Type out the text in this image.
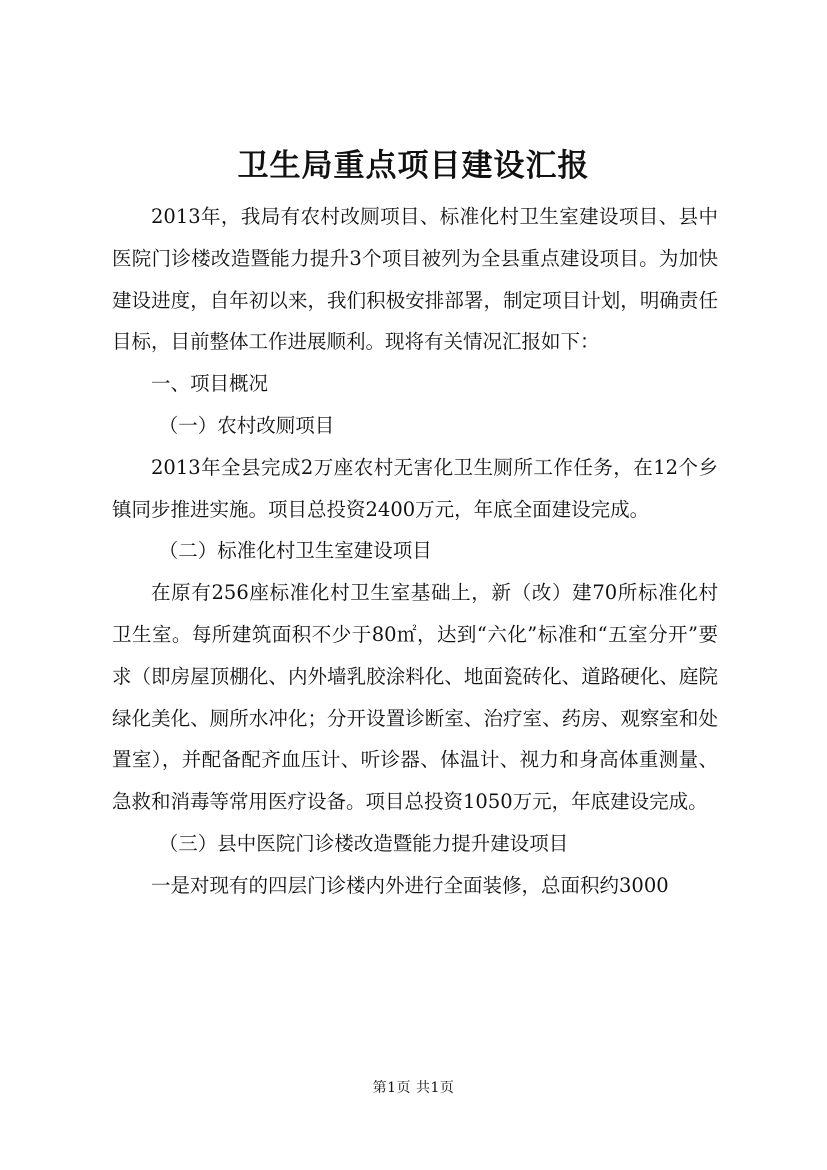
卫生局重点项目建设汇报

2013年，我局有农村改厕项目、标准化村卫生室建设项目、县中医院门诊楼改造暨能力提升3个项目被列为全县重点建设项目。为加快建设进度，自年初以来，我们积极安排部署，制定项目计划，明确责任目标，目前整体工作进展顺利。现将有关情况汇报如下：

一、项目概况

（一）农村改厕项目

2013年全县完成2万座农村无害化卫生厕所工作任务，在12个乡镇同步推进实施。项目总投资2400万元，年底全面建设完成。

（二）标准化村卫生室建设项目

在原有256座标准化村卫生室基础上，新（改）建70所标准化村卫生室。每所建筑面积不少于80㎡，达到“六化”标准和“五室分开”要求（即房屋顶棚化、内外墙乳胶涂料化、地面瓷砖化、道路硬化、庭院绿化美化、厕所水冲化；分开设置诊断室、治疗室、药房、观察室和处置室），并配备配齐血压计、听诊器、体温计、视力和身高体重测量、急救和消毒等常用医疗设备。项目总投资1050万元，年底建设完成。

（三）县中医院门诊楼改造暨能力提升建设项目

一是对现有的四层门诊楼内外进行全面装修，总面积约3000

第1页 共1页
